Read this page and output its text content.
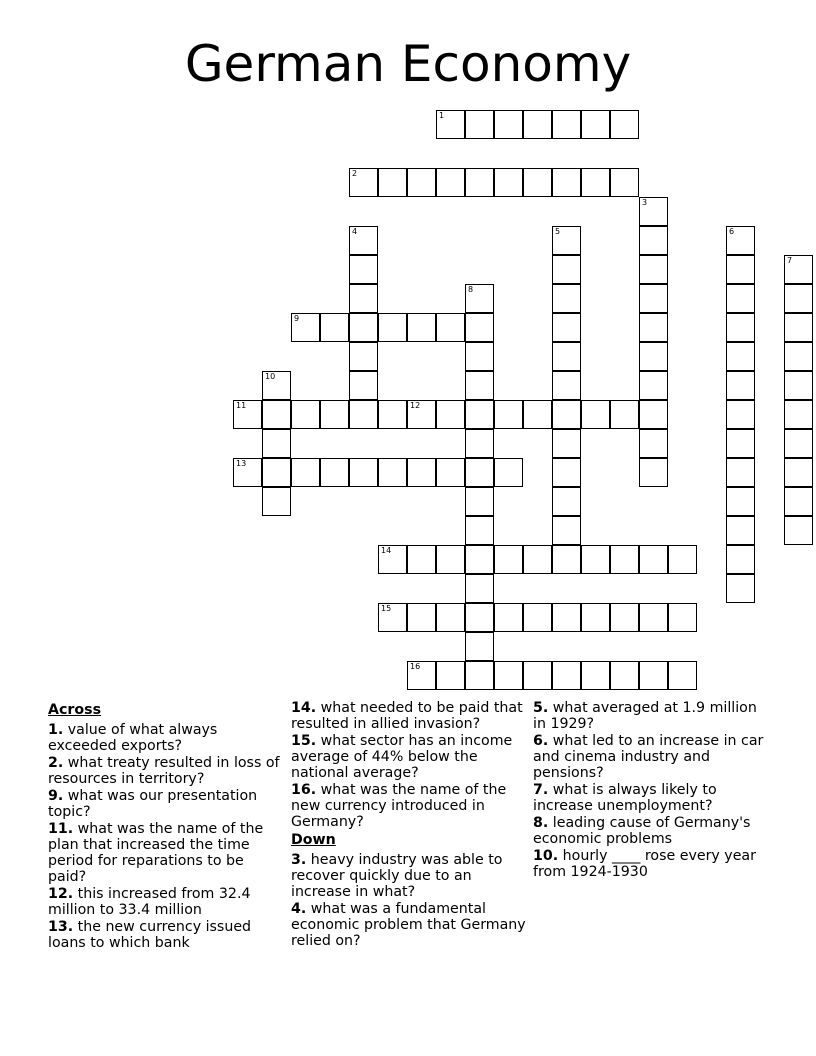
German Economy
1
2
3
4	5	6
7
8
9
10
11	12
13
14
15
16
Across
1. value of what always exceeded exports?
2. what treaty resulted in loss of resources in territory?
9. what was our presentation topic?
11. what was the name of the plan that increased the time period for reparations to be paid?
12. this increased from 32.4 million to 33.4 million
13. the new currency issued loans to which bank
14. what needed to be paid that resulted in allied invasion?
15. what sector has an income average of 44% below the national average?
16. what was the name of the new currency introduced in Germany?
Down
3. heavy industry was able to recover quickly due to an increase in what?
4. what was a fundamental economic problem that Germany relied on?
5. what averaged at 1.9 million in 1929?
6. what led to an increase in car and cinema industry and pensions?
7. what is always likely to increase unemployment?
8. leading cause of Germany's economic problems
10. hourly ____ rose every year from 1924-1930
